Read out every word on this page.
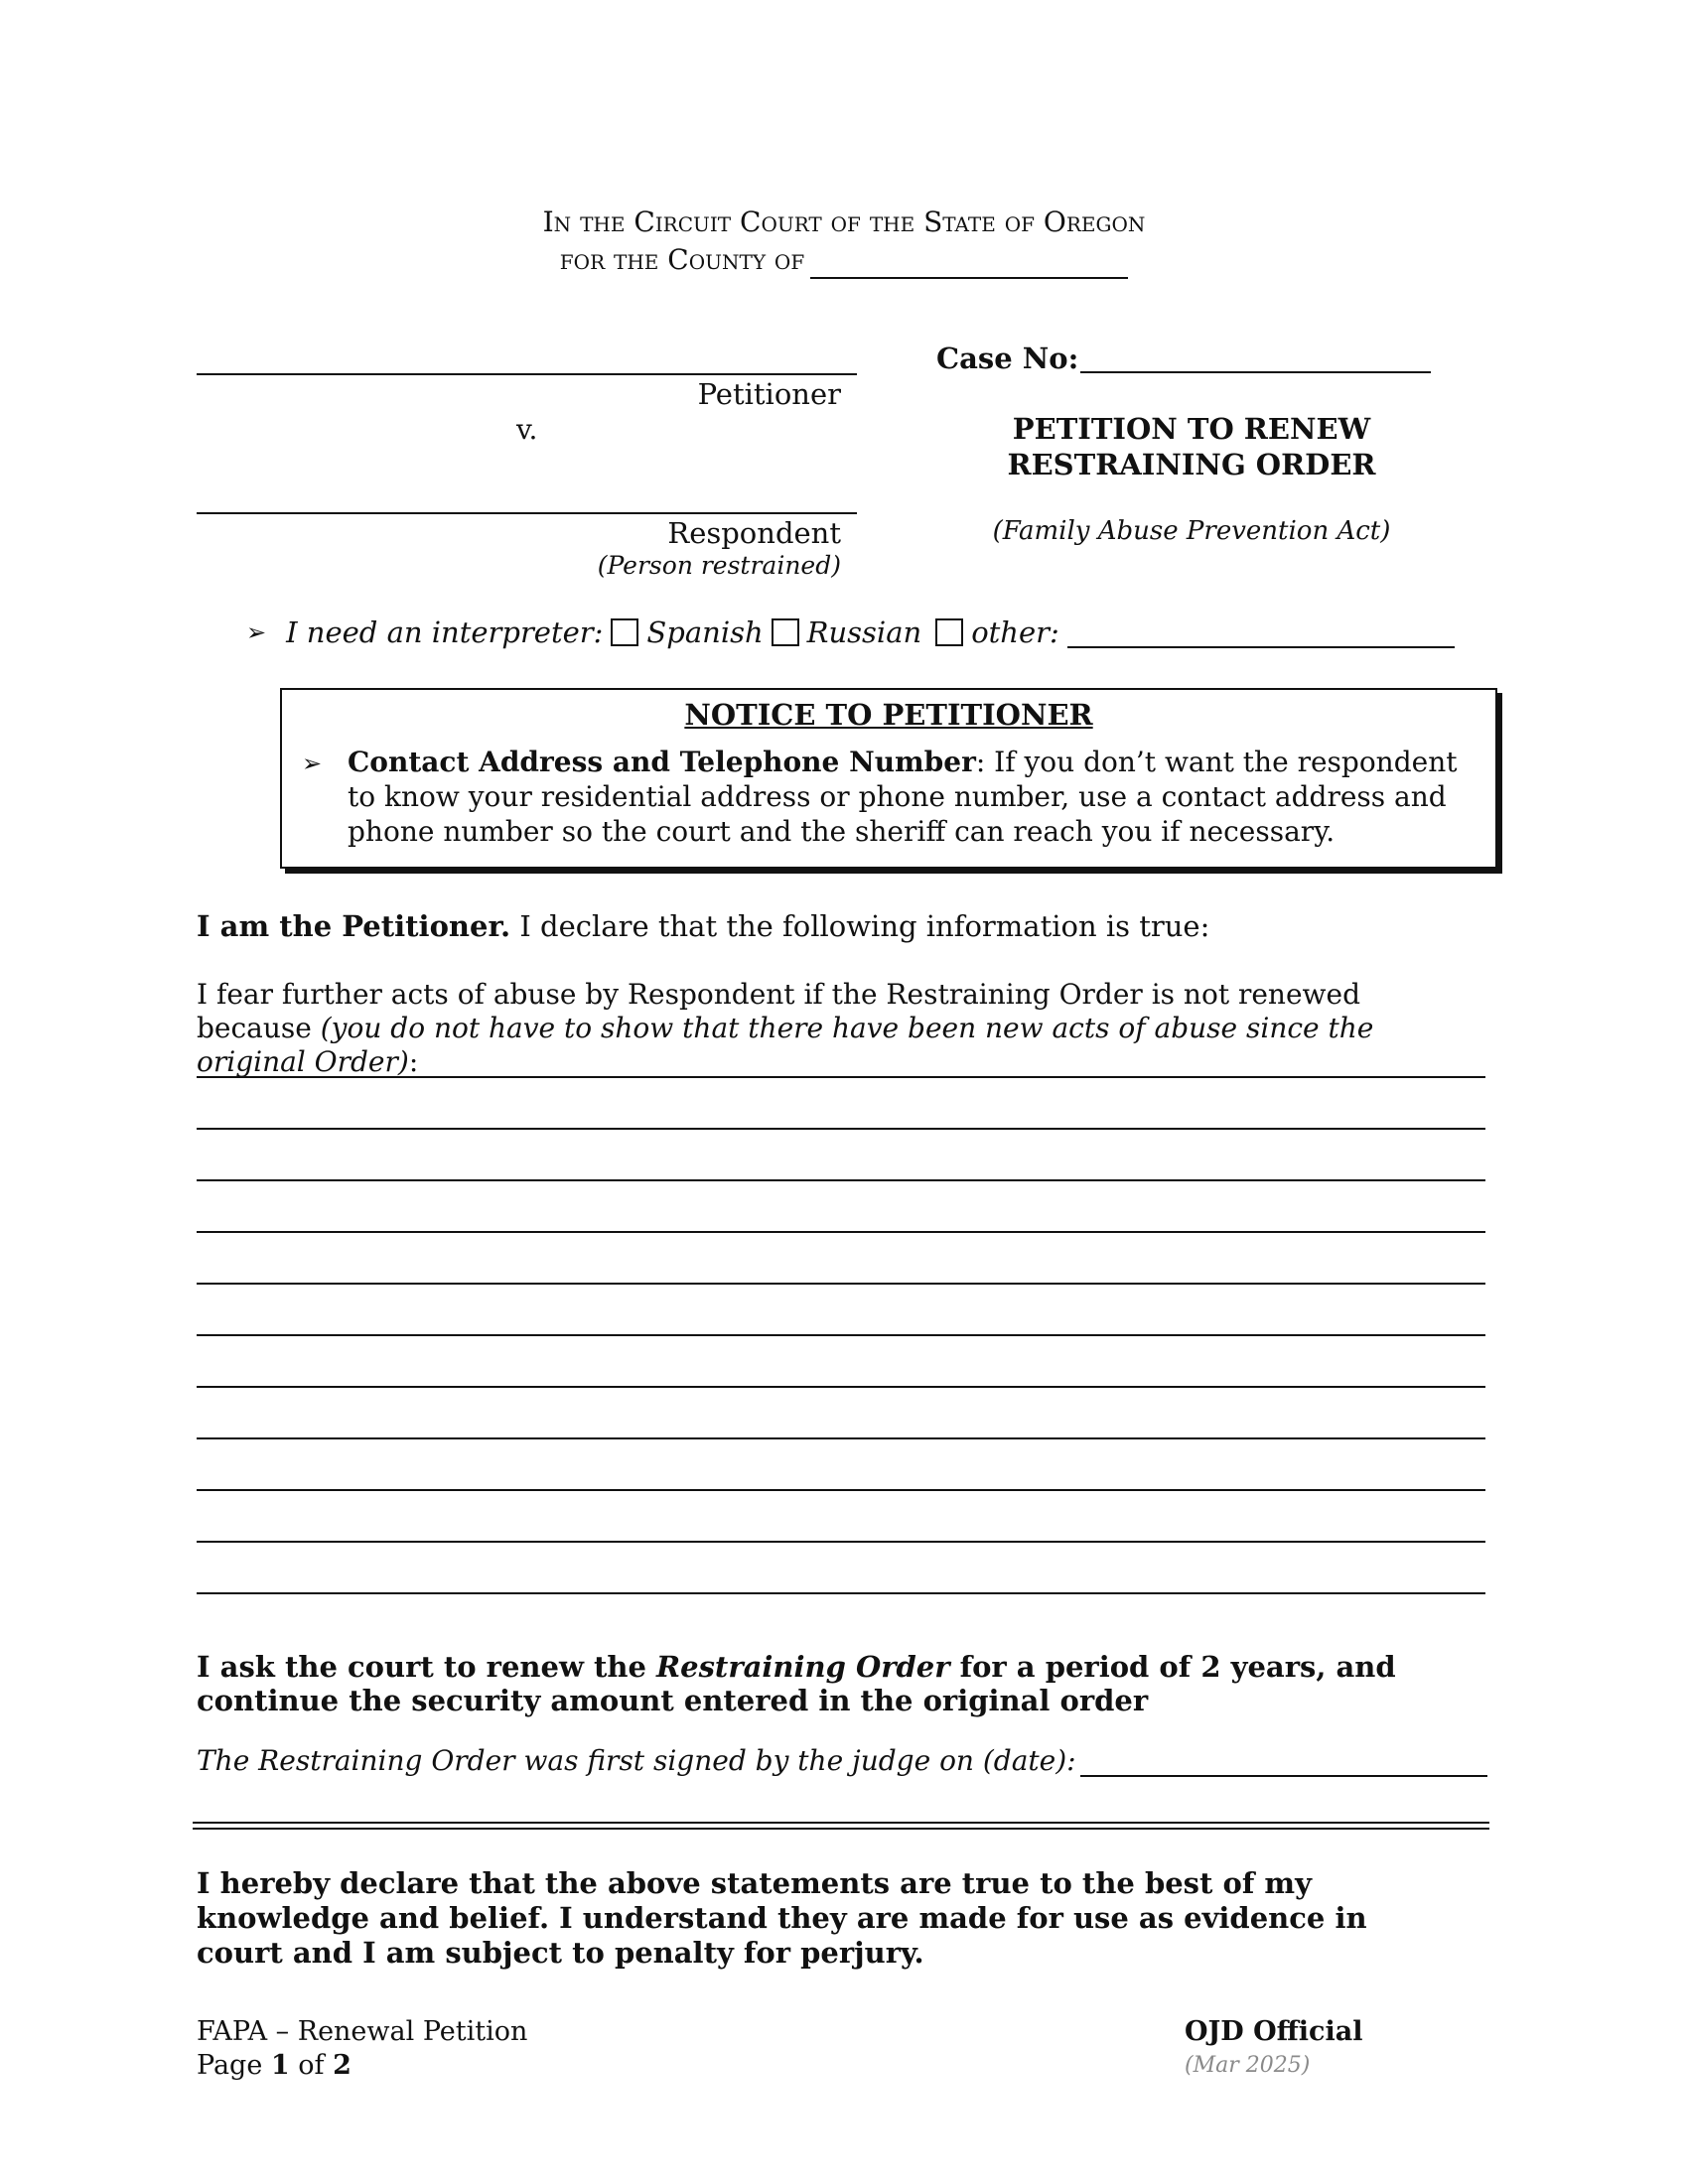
In the Circuit Court of the State of Oregon
for the County of
Petitioner
v.
Respondent
(Person restrained)
Case No:
PETITION TO RENEW
RESTRAINING ORDER
(Family Abuse Prevention Act)
➢ I need an interpreter: Spanish Russian other:
NOTICE TO PETITIONER
➢ Contact Address and Telephone Number: If you don’t want the respondent to know your residential address or phone number, use a contact address and phone number so the court and the sheriff can reach you if necessary.
I am the Petitioner. I declare that the following information is true:
I fear further acts of abuse by Respondent if the Restraining Order is not renewed because (you do not have to show that there have been new acts of abuse since the original Order):
I ask the court to renew the Restraining Order for a period of 2 years, and continue the security amount entered in the original order
The Restraining Order was first signed by the judge on (date):
I hereby declare that the above statements are true to the best of my knowledge and belief. I understand they are made for use as evidence in court and I am subject to penalty for perjury.
FAPA – Renewal Petition
Page 1 of 2
OJD Official
(Mar 2025)
